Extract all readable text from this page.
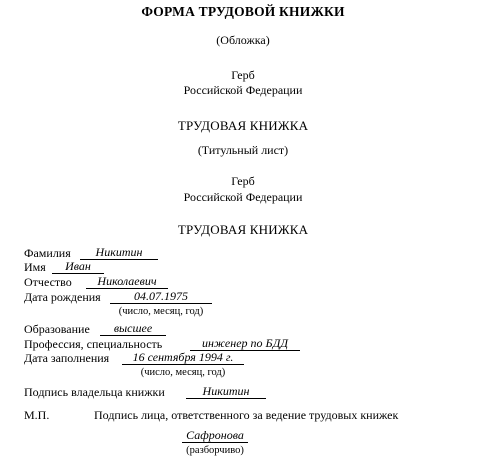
ФОРМА ТРУДОВОЙ КНИЖКИ
(Обложка)
Герб
Российской Федерации
ТРУДОВАЯ КНИЖКА
(Титульный лист)
Герб
Российской Федерации
ТРУДОВАЯ КНИЖКА
Фамилия	Никитин
Имя	Иван
Отчество	Николаевич
Дата рождения	04.07.1975
(число, месяц, год)
Образование	высшее
Профессия, специальность	инженер по БДД
Дата заполнения	16 сентября 1994 г.
(число, месяц, год)
Подпись владельца книжки	Никитин
М.П.	Подпись лица, ответственного за ведение трудовых книжек
Сафронова
(разборчиво)
